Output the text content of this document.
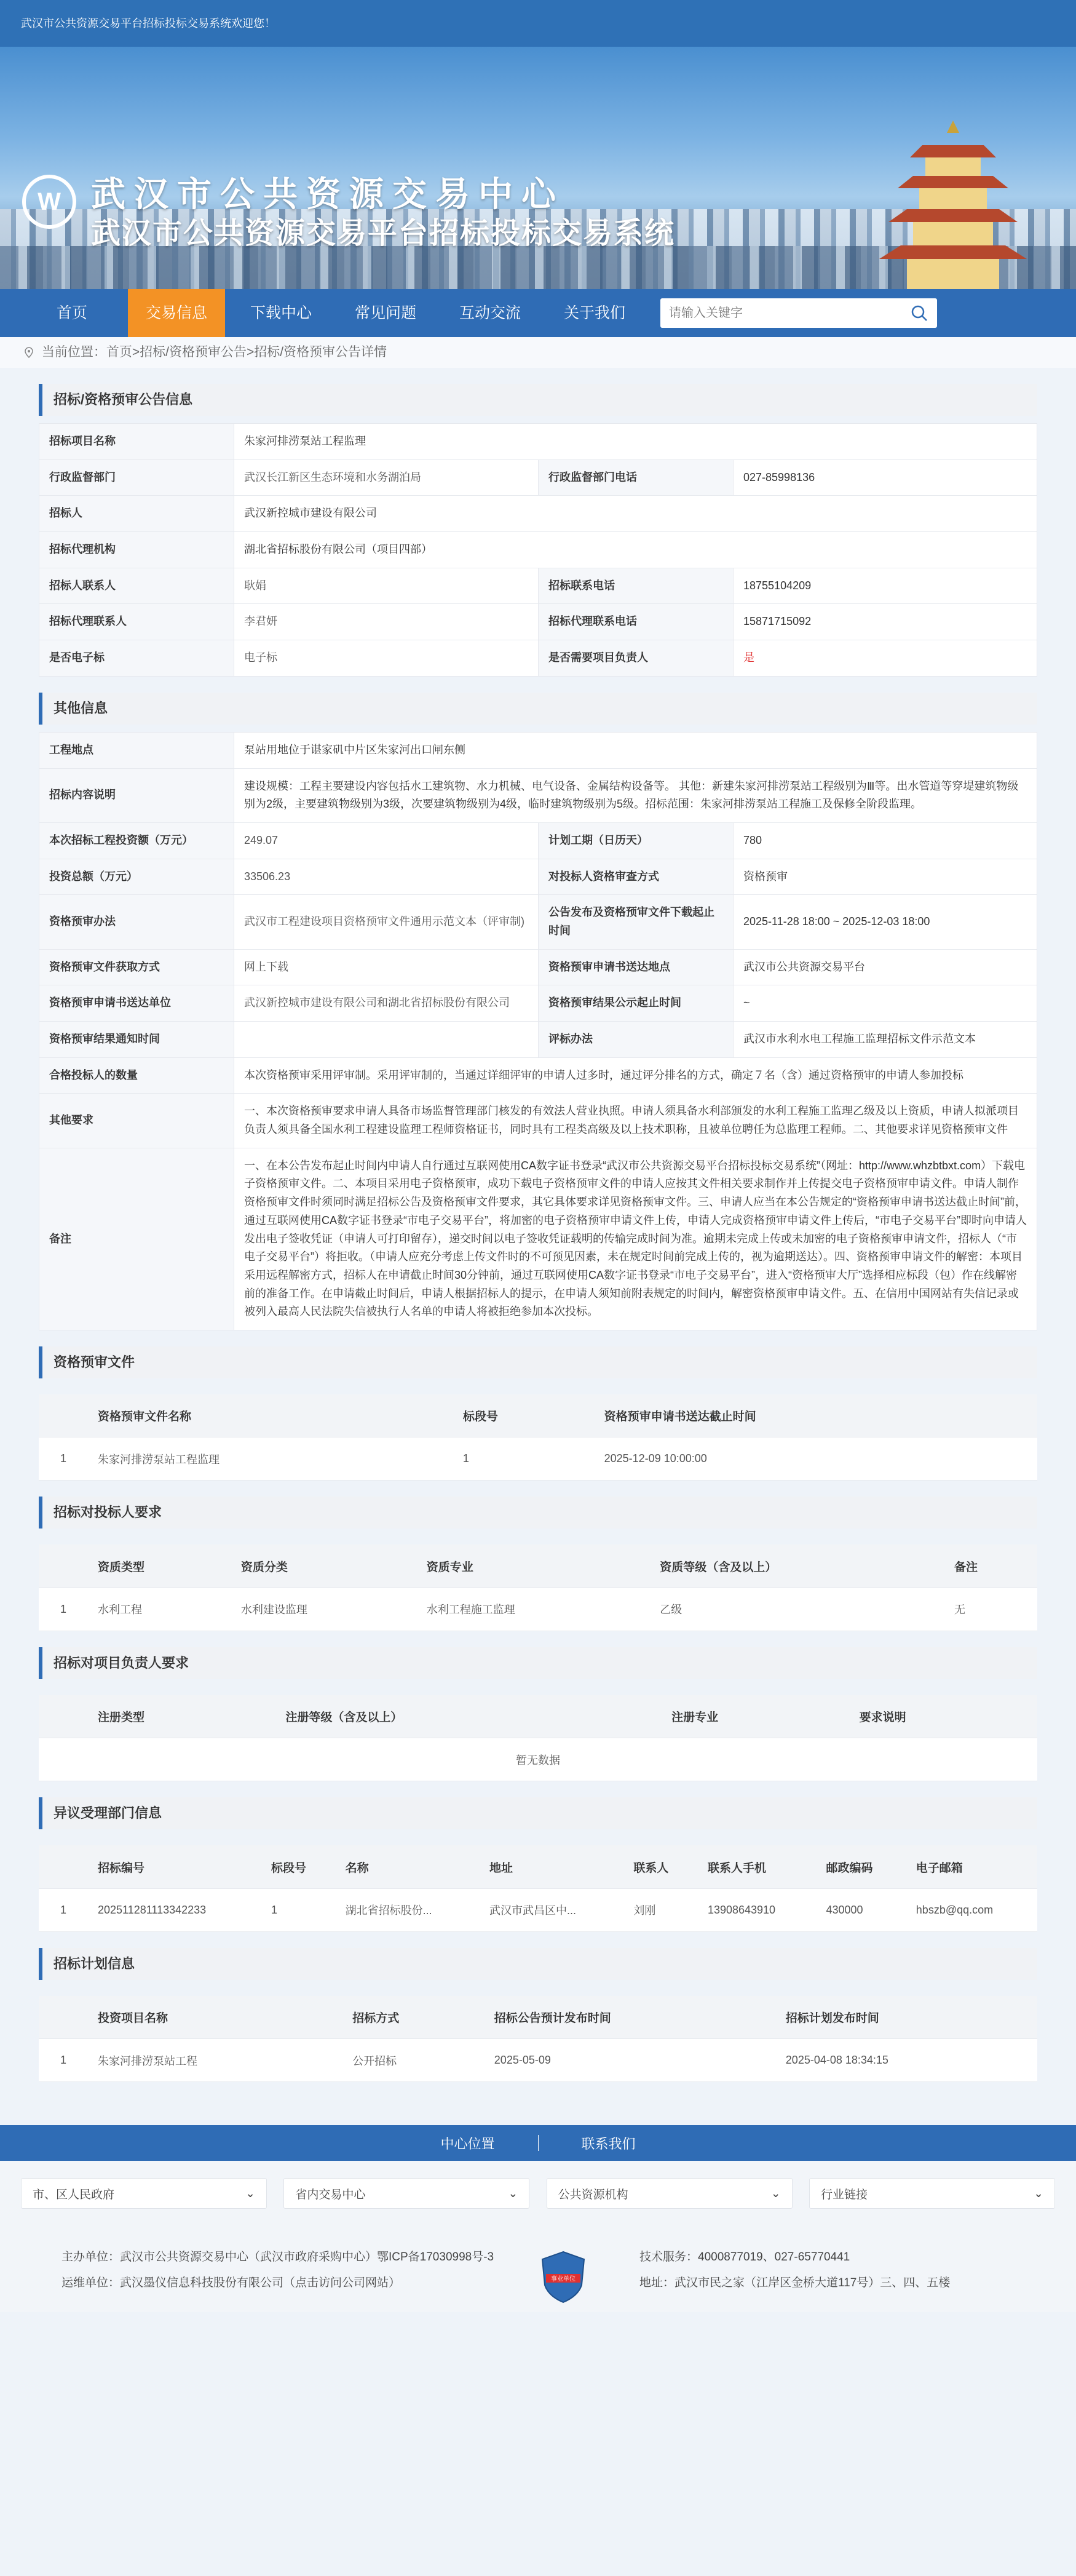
武汉市公共资源交易平台招标投标交易系统欢迎您！
W 武汉市公共资源交易中心
武汉市公共资源交易平台招标投标交易系统
首页	交易信息	下载中心	常见问题	互动交流	关于我们
请输入关键字
当前位置：首页>招标/资格预审公告>招标/资格预审公告详情
招标/资格预审公告信息
招标项目名称	朱家河排涝泵站工程监理		
行政监督部门	武汉长江新区生态环境和水务湖泊局	行政监督部门电话	027-85998136
招标人	武汉新控城市建设有限公司		
招标代理机构	湖北省招标股份有限公司（项目四部）		
招标人联系人	耿娟	招标联系电话	18755104209
招标代理联系人	李君妍	招标代理联系电话	15871715092
是否电子标	电子标	是否需要项目负责人	是
其他信息
工程地点	泵站用地位于谌家矶中片区朱家河出口闸东侧		
招标内容说明	建设规模：工程主要建设内容包括水工建筑物、水力机械、电气设备、金属结构设备等。 其他：新建朱家河排涝泵站工程级别为Ⅲ等。出水管道等穿堤建筑物级别为2级，主要建筑物级别为3级，次要建筑物级别为4级，临时建筑物级别为5级。招标范围：朱家河排涝泵站工程施工及保修全阶段监理。		
本次招标工程投资额（万元）	249.07	计划工期（日历天）	780
投资总额（万元）	33506.23	对投标人资格审查方式	资格预审
资格预审办法	武汉市工程建设项目资格预审文件通用示范文本（评审制)	公告发布及资格预审文件下载起止时间	2025-11-28 18:00 ~ 2025-12-03 18:00
资格预审文件获取方式	网上下载	资格预审申请书送达地点	武汉市公共资源交易平台
资格预审申请书送达单位	武汉新控城市建设有限公司和湖北省招标股份有限公司	资格预审结果公示起止时间	~
资格预审结果通知时间		评标办法	武汉市水利水电工程施工监理招标文件示范文本
合格投标人的数量	本次资格预审采用评审制。采用评审制的，当通过详细评审的申请人过多时，通过评分排名的方式，确定７名（含）通过资格预审的申请人参加投标		
其他要求	一、本次资格预审要求申请人具备市场监督管理部门核发的有效法人营业执照。申请人须具备水利部颁发的水利工程施工监理乙级及以上资质，申请人拟派项目负责人须具备全国水利工程建设监理工程师资格证书，同时具有工程类高级及以上技术职称，且被单位聘任为总监理工程师。二、其他要求详见资格预审文件		
备注	一、在本公告发布起止时间内申请人自行通过互联网使用CA数字证书登录“武汉市公共资源交易平台招标投标交易系统”（网址：http://www.whzbtbxt.com）下载电子资格预审文件。二、本项目采用电子资格预审，成功下载电子资格预审文件的申请人应按其文件相关要求制作并上传提交电子资格预审申请文件。申请人制作资格预审文件时须同时满足招标公告及资格预审文件要求，其它具体要求详见资格预审文件。三、申请人应当在本公告规定的“资格预审申请书送达截止时间”前，通过互联网使用CA数字证书登录“市电子交易平台”，将加密的电子资格预审申请文件上传，申请人完成资格预审申请文件上传后，“市电子交易平台”即时向申请人发出电子签收凭证（申请人可打印留存），递交时间以电子签收凭证载明的传输完成时间为准。逾期未完成上传或未加密的电子资格预审申请文件，招标人（“市电子交易平台”）将拒收。（申请人应充分考虑上传文件时的不可预见因素，未在规定时间前完成上传的，视为逾期送达）。四、资格预审申请文件的解密：本项目采用远程解密方式，招标人在申请截止时间30分钟前，通过互联网使用CA数字证书登录“市电子交易平台”，进入“资格预审大厅”选择相应标段（包）作在线解密前的准备工作。在申请截止时间后，申请人根据招标人的提示，在申请人须知前附表规定的时间内，解密资格预审申请文件。五、在信用中国网站有失信记录或被列入最高人民法院失信被执行人名单的申请人将被拒绝参加本次投标。		
资格预审文件
	资格预审文件名称	标段号	资格预审申请书送达截止时间
1	朱家河排涝泵站工程监理	1	2025-12-09 10:00:00
招标对投标人要求
	资质类型	资质分类	资质专业	资质等级（含及以上）	备注
1	水利工程	水利建设监理	水利工程施工监理	乙级	无
招标对项目负责人要求
	注册类型	注册等级（含及以上）	注册专业	要求说明
暂无数据
异议受理部门信息
	招标编号	标段号	名称	地址	联系人	联系人手机	邮政编码	电子邮箱
1	202511281113342233	1	湖北省招标股份...	武汉市武昌区中...	刘刚	13908643910	430000	hbszb@qq.com
招标计划信息
	投资项目名称	招标方式	招标公告预计发布时间	招标计划发布时间
1	朱家河排涝泵站工程	公开招标	2025-05-09	2025-04-08 18:34:15
中心位置	联系我们
市、区人民政府	⌄	省内交易中心	⌄	公共资源机构	⌄	行业链接	⌄
主办单位：武汉市公共资源交易中心（武汉市政府采购中心）鄂ICP备17030998号-3
运维单位：武汉墨仪信息科技股份有限公司（点击访问公司网站）	事业单位
技术服务：4000877019、027-65770441
地址：武汉市民之家（江岸区金桥大道117号）三、四、五楼
